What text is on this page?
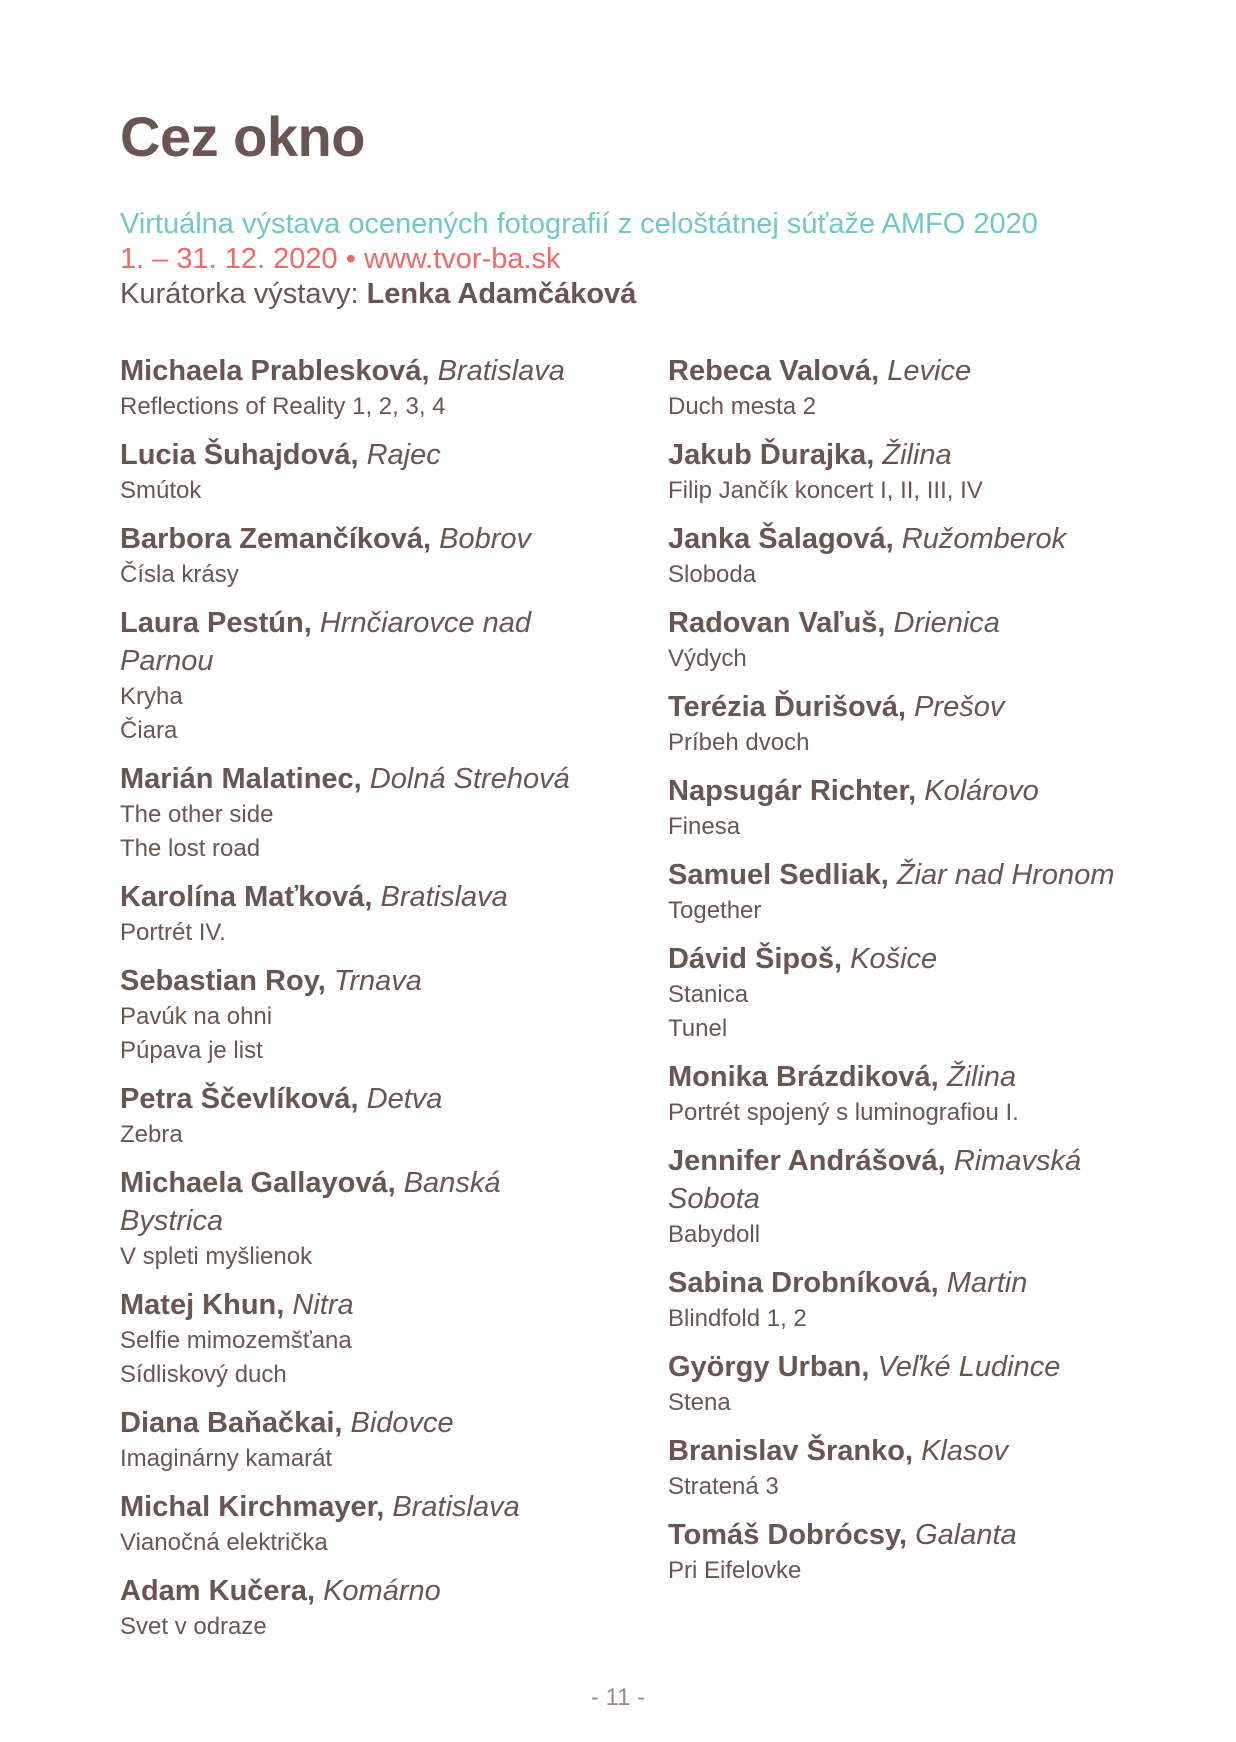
Cez okno
Virtuálna výstava ocenených fotografií z celoštátnej súťaže AMFO 2020
1. – 31. 12. 2020 • www.tvor-ba.sk
Kurátorka výstavy: Lenka Adamčáková
Michaela Prablesková, Bratislava
Reflections of Reality 1, 2, 3, 4
Lucia Šuhajdová, Rajec
Smútok
Barbora Zemančíková, Bobrov
Čísla krásy
Laura Pestún, Hrnčiarovce nad Parnou
Kryha
Čiara
Marián Malatinec, Dolná Strehová
The other side
The lost road
Karolína Maťková, Bratislava
Portrét IV.
Sebastian Roy, Trnava
Pavúk na ohni
Púpava je list
Petra Ščevlíková, Detva
Zebra
Michaela Gallayová, Banská Bystrica
V spleti myšlienok
Matej Khun, Nitra
Selfie mimozemšťana
Sídliskový duch
Diana Baňačkai, Bidovce
Imaginárny kamarát
Michal Kirchmayer, Bratislava
Vianočná električka
Adam Kučera, Komárno
Svet v odraze
Rebeca Valová, Levice
Duch mesta 2
Jakub Ďurajka, Žilina
Filip Jančík koncert I, II, III, IV
Janka Šalagová, Ružomberok
Sloboda
Radovan Vaľuš, Drienica
Výdych
Terézia Ďurišová, Prešov
Príbeh dvoch
Napsugár Richter, Kolárovo
Finesa
Samuel Sedliak, Žiar nad Hronom
Together
Dávid Šipoš, Košice
Stanica
Tunel
Monika Brázdiková, Žilina
Portrét spojený s luminografiou I.
Jennifer Andrášová, Rimavská Sobota
Babydoll
Sabina Drobníková, Martin
Blindfold 1, 2
György Urban, Veľké Ludince
Stena
Branislav Šranko, Klasov
Stratená 3
Tomáš Dobrócsy, Galanta
Pri Eifelovke
- 11 -
